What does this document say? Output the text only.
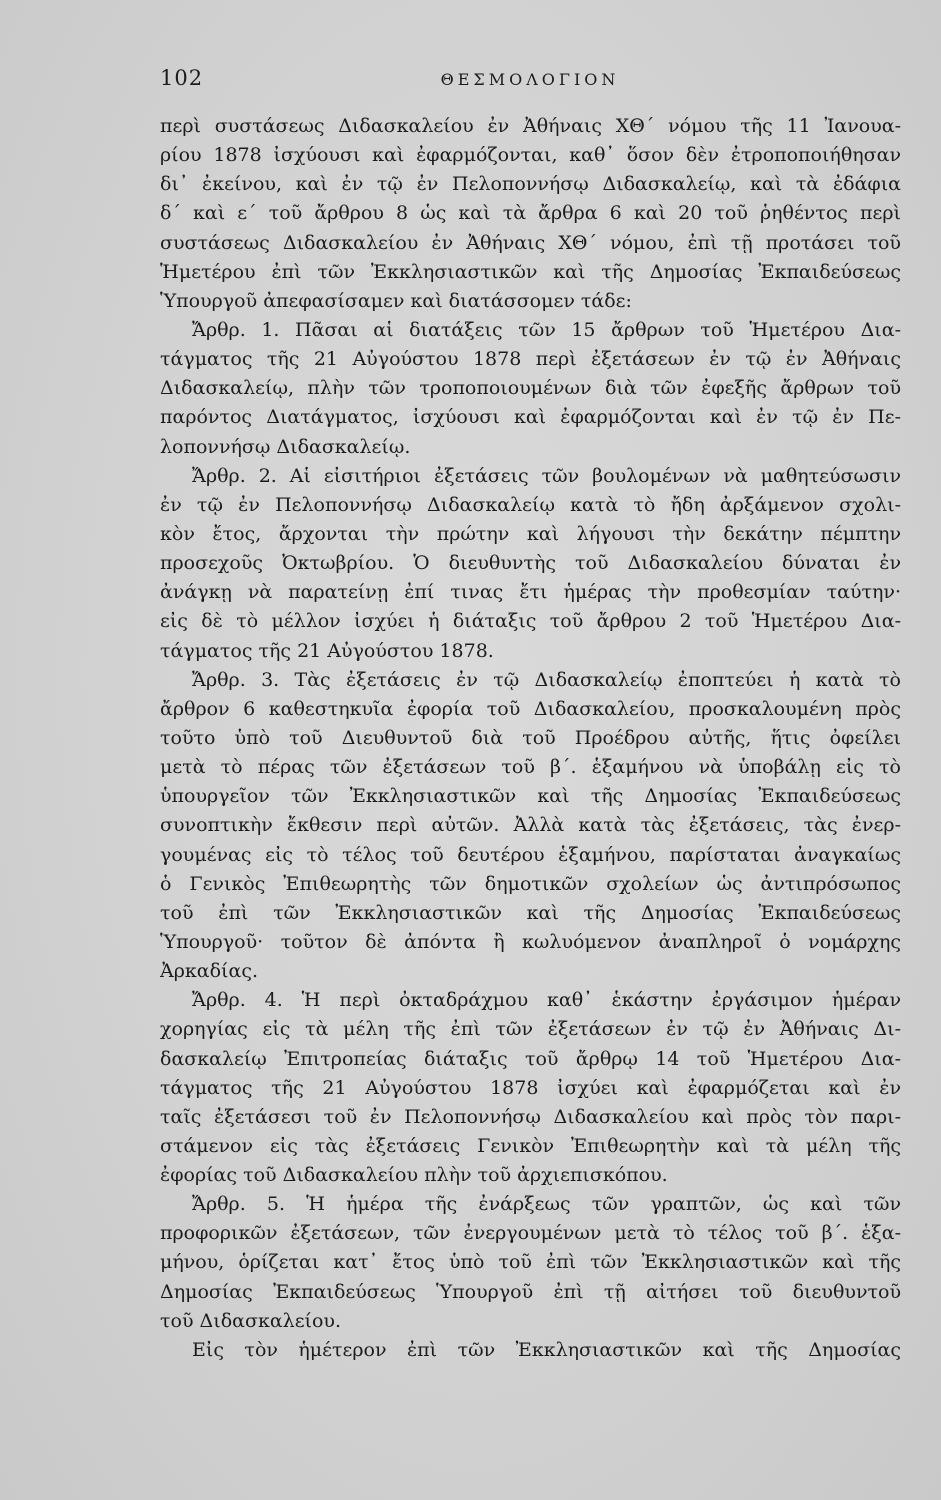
102	ΘΕΣΜΟΛΟΓΙΟΝ
περὶ συστάσεως Διδασκαλείου ἐν Ἀθήναις ΧΘ΄ νόμου τῆς 11 Ἰανουα-
ρίου 1878 ἰσχύουσι καὶ ἐφαρμόζονται, καθ᾽ ὅσον δὲν ἐτροποποιήθησαν
δι᾽ ἐκείνου, καὶ ἐν τῷ ἐν Πελοποννήσῳ Διδασκαλείῳ, καὶ τὰ ἐδάφια
δ΄ καὶ ε΄ τοῦ ἄρθρου 8 ὡς καὶ τὰ ἄρθρα 6 καὶ 20 τοῦ ῥηθέντος περὶ
συστάσεως Διδασκαλείου ἐν Ἀθήναις ΧΘ΄ νόμου, ἐπὶ τῇ προτάσει τοῦ
Ἡμετέρου ἐπὶ τῶν Ἐκκλησιαστικῶν καὶ τῆς Δημοσίας Ἐκπαιδεύσεως
Ὑπουργοῦ ἀπεφασίσαμεν καὶ διατάσσομεν τάδε:
Ἄρθρ. 1. Πᾶσαι αἱ διατάξεις τῶν 15 ἄρθρων τοῦ Ἡμετέρου Δια-
τάγματος τῆς 21 Αὐγούστου 1878 περὶ ἐξετάσεων ἐν τῷ ἐν Ἀθήναις
Διδασκαλείῳ, πλὴν τῶν τροποποιουμένων διὰ τῶν ἐφεξῆς ἄρθρων τοῦ
παρόντος Διατάγματος, ἰσχύουσι καὶ ἐφαρμόζονται καὶ ἐν τῷ ἐν Πε-
λοποννήσῳ Διδασκαλείῳ.
Ἄρθρ. 2. Αἱ εἰσιτήριοι ἐξετάσεις τῶν βουλομένων νὰ μαθητεύσωσιν
ἐν τῷ ἐν Πελοποννήσῳ Διδασκαλείῳ κατὰ τὸ ἤδη ἀρξάμενον σχολι-
κὸν ἔτος, ἄρχονται τὴν πρώτην καὶ λήγουσι τὴν δεκάτην πέμπτην
προσεχοῦς Ὀκτωβρίου. Ὁ διευθυντὴς τοῦ Διδασκαλείου δύναται ἐν
ἀνάγκῃ νὰ παρατείνῃ ἐπί τινας ἔτι ἡμέρας τὴν προθεσμίαν ταύτην·
εἰς δὲ τὸ μέλλον ἰσχύει ἡ διάταξις τοῦ ἄρθρου 2 τοῦ Ἡμετέρου Δια-
τάγματος τῆς 21 Αὐγούστου 1878.
Ἄρθρ. 3. Τὰς ἐξετάσεις ἐν τῷ Διδασκαλείῳ ἐποπτεύει ἡ κατὰ τὸ
ἄρθρον 6 καθεστηκυῖα ἐφορία τοῦ Διδασκαλείου, προσκαλουμένη πρὸς
τοῦτο ὑπὸ τοῦ Διευθυντοῦ διὰ τοῦ Προέδρου αὐτῆς, ἥτις ὀφείλει
μετὰ τὸ πέρας τῶν ἐξετάσεων τοῦ β΄. ἑξαμήνου νὰ ὑποβάλῃ εἰς τὸ
ὑπουργεῖον τῶν Ἐκκλησιαστικῶν καὶ τῆς Δημοσίας Ἐκπαιδεύσεως
συνοπτικὴν ἔκθεσιν περὶ αὐτῶν. Ἀλλὰ κατὰ τὰς ἐξετάσεις, τὰς ἐνερ-
γουμένας εἰς τὸ τέλος τοῦ δευτέρου ἑξαμήνου, παρίσταται ἀναγκαίως
ὁ Γενικὸς Ἐπιθεωρητὴς τῶν δημοτικῶν σχολείων ὡς ἀντιπρόσωπος
τοῦ ἐπὶ τῶν Ἐκκλησιαστικῶν καὶ τῆς Δημοσίας Ἐκπαιδεύσεως
Ὑπουργοῦ· τοῦτον δὲ ἀπόντα ἢ κωλυόμενον ἀναπληροῖ ὁ νομάρχης
Ἀρκαδίας.
Ἄρθρ. 4. Ἡ περὶ ὀκταδράχμου καθ᾽ ἑκάστην ἐργάσιμον ἡμέραν
χορηγίας εἰς τὰ μέλη τῆς ἐπὶ τῶν ἐξετάσεων ἐν τῷ ἐν Ἀθήναις Δι-
δασκαλείῳ Ἐπιτροπείας διάταξις τοῦ ἄρθρῳ 14 τοῦ Ἡμετέρου Δια-
τάγματος τῆς 21 Αὐγούστου 1878 ἰσχύει καὶ ἐφαρμόζεται καὶ ἐν
ταῖς ἐξετάσεσι τοῦ ἐν Πελοποννήσῳ Διδασκαλείου καὶ πρὸς τὸν παρι-
στάμενον εἰς τὰς ἐξετάσεις Γενικὸν Ἐπιθεωρητὴν καὶ τὰ μέλη τῆς
ἐφορίας τοῦ Διδασκαλείου πλὴν τοῦ ἀρχιεπισκόπου.
Ἄρθρ. 5. Ἡ ἡμέρα τῆς ἐνάρξεως τῶν γραπτῶν, ὡς καὶ τῶν
προφορικῶν ἐξετάσεων, τῶν ἐνεργουμένων μετὰ τὸ τέλος τοῦ β΄. ἑξα-
μήνου, ὁρίζεται κατ᾽ ἔτος ὑπὸ τοῦ ἐπὶ τῶν Ἐκκλησιαστικῶν καὶ τῆς
Δημοσίας Ἐκπαιδεύσεως Ὑπουργοῦ ἐπὶ τῇ αἰτήσει τοῦ διευθυντοῦ
τοῦ Διδασκαλείου.
Εἰς τὸν ἡμέτερον ἐπὶ τῶν Ἐκκλησιαστικῶν καὶ τῆς Δημοσίας
